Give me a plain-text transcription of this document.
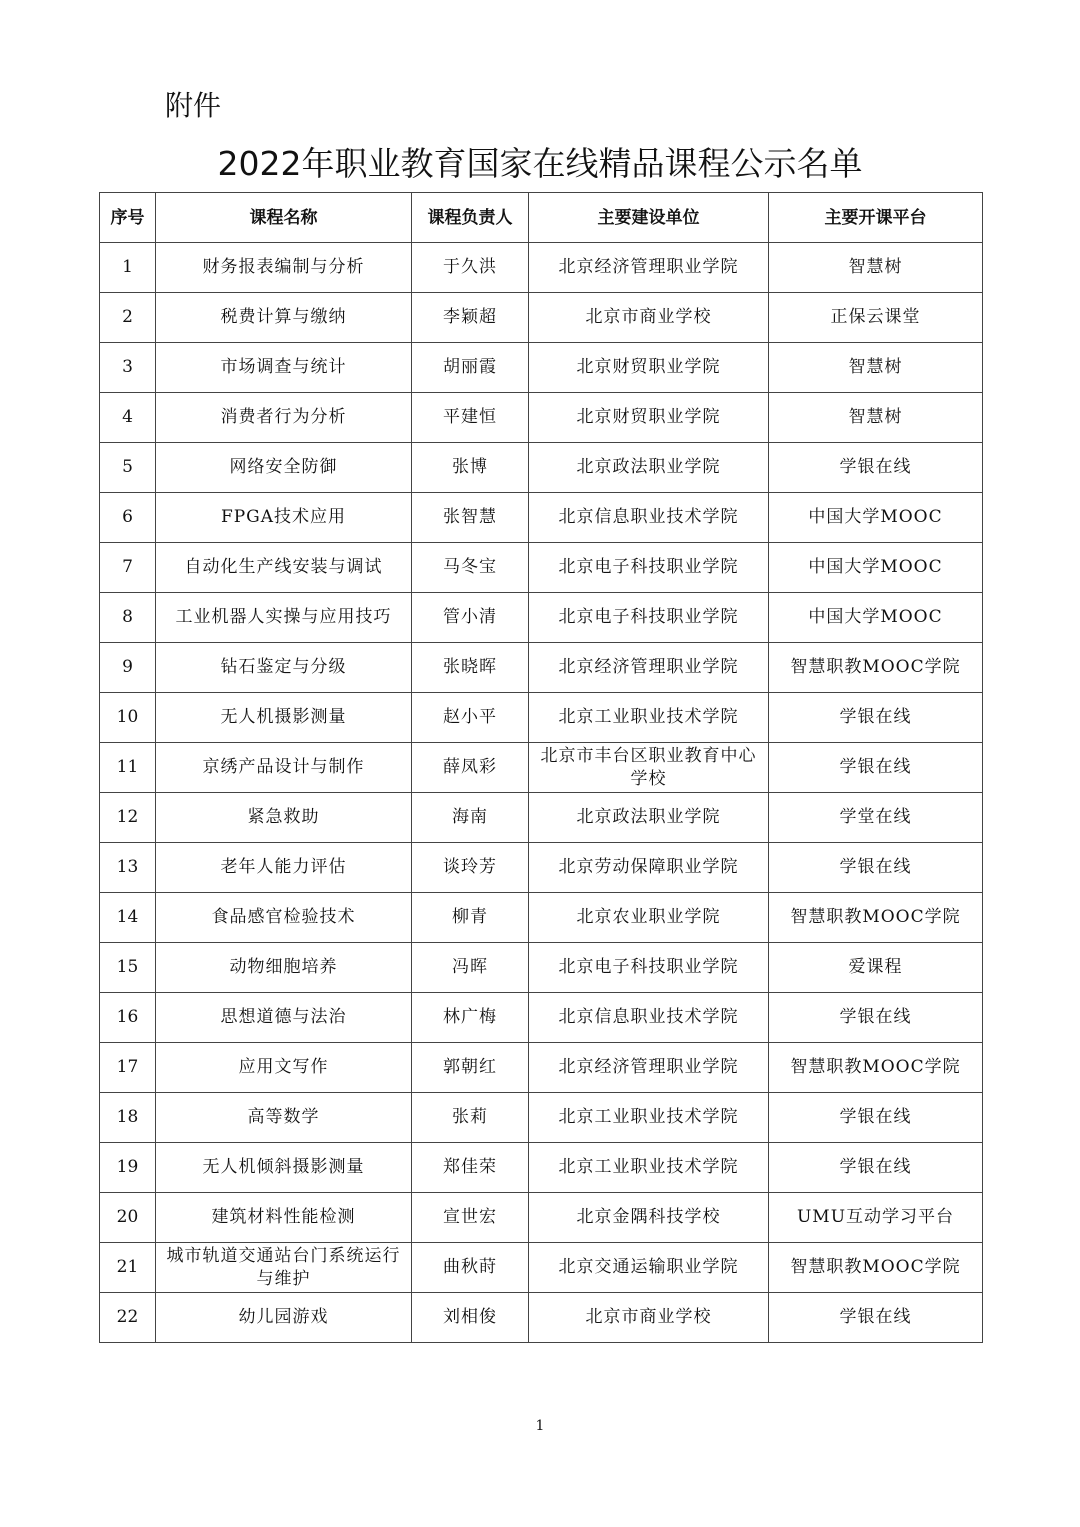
附件

2022年职业教育国家在线精品课程公示名单
序号	课程名称	课程负责人	主要建设单位	主要开课平台
1	财务报表编制与分析	于久洪	北京经济管理职业学院	智慧树
2	税费计算与缴纳	李颖超	北京市商业学校	正保云课堂
3	市场调查与统计	胡丽霞	北京财贸职业学院	智慧树
4	消费者行为分析	平建恒	北京财贸职业学院	智慧树
5	网络安全防御	张博	北京政法职业学院	学银在线
6	FPGA技术应用	张智慧	北京信息职业技术学院	中国大学MOOC
7	自动化生产线安装与调试	马冬宝	北京电子科技职业学院	中国大学MOOC
8	工业机器人实操与应用技巧	管小清	北京电子科技职业学院	中国大学MOOC
9	钻石鉴定与分级	张晓晖	北京经济管理职业学院	智慧职教MOOC学院
10	无人机摄影测量	赵小平	北京工业职业技术学院	学银在线
11	京绣产品设计与制作	薛凤彩	北京市丰台区职业教育中心学校	学银在线
12	紧急救助	海南	北京政法职业学院	学堂在线
13	老年人能力评估	谈玲芳	北京劳动保障职业学院	学银在线
14	食品感官检验技术	柳青	北京农业职业学院	智慧职教MOOC学院
15	动物细胞培养	冯晖	北京电子科技职业学院	爱课程
16	思想道德与法治	林广梅	北京信息职业技术学院	学银在线
17	应用文写作	郭朝红	北京经济管理职业学院	智慧职教MOOC学院
18	高等数学	张莉	北京工业职业技术学院	学银在线
19	无人机倾斜摄影测量	郑佳荣	北京工业职业技术学院	学银在线
20	建筑材料性能检测	宣世宏	北京金隅科技学校	UMU互动学习平台
21	城市轨道交通站台门系统运行与维护	曲秋莳	北京交通运输职业学院	智慧职教MOOC学院
22	幼儿园游戏	刘相俊	北京市商业学校	学银在线

1
